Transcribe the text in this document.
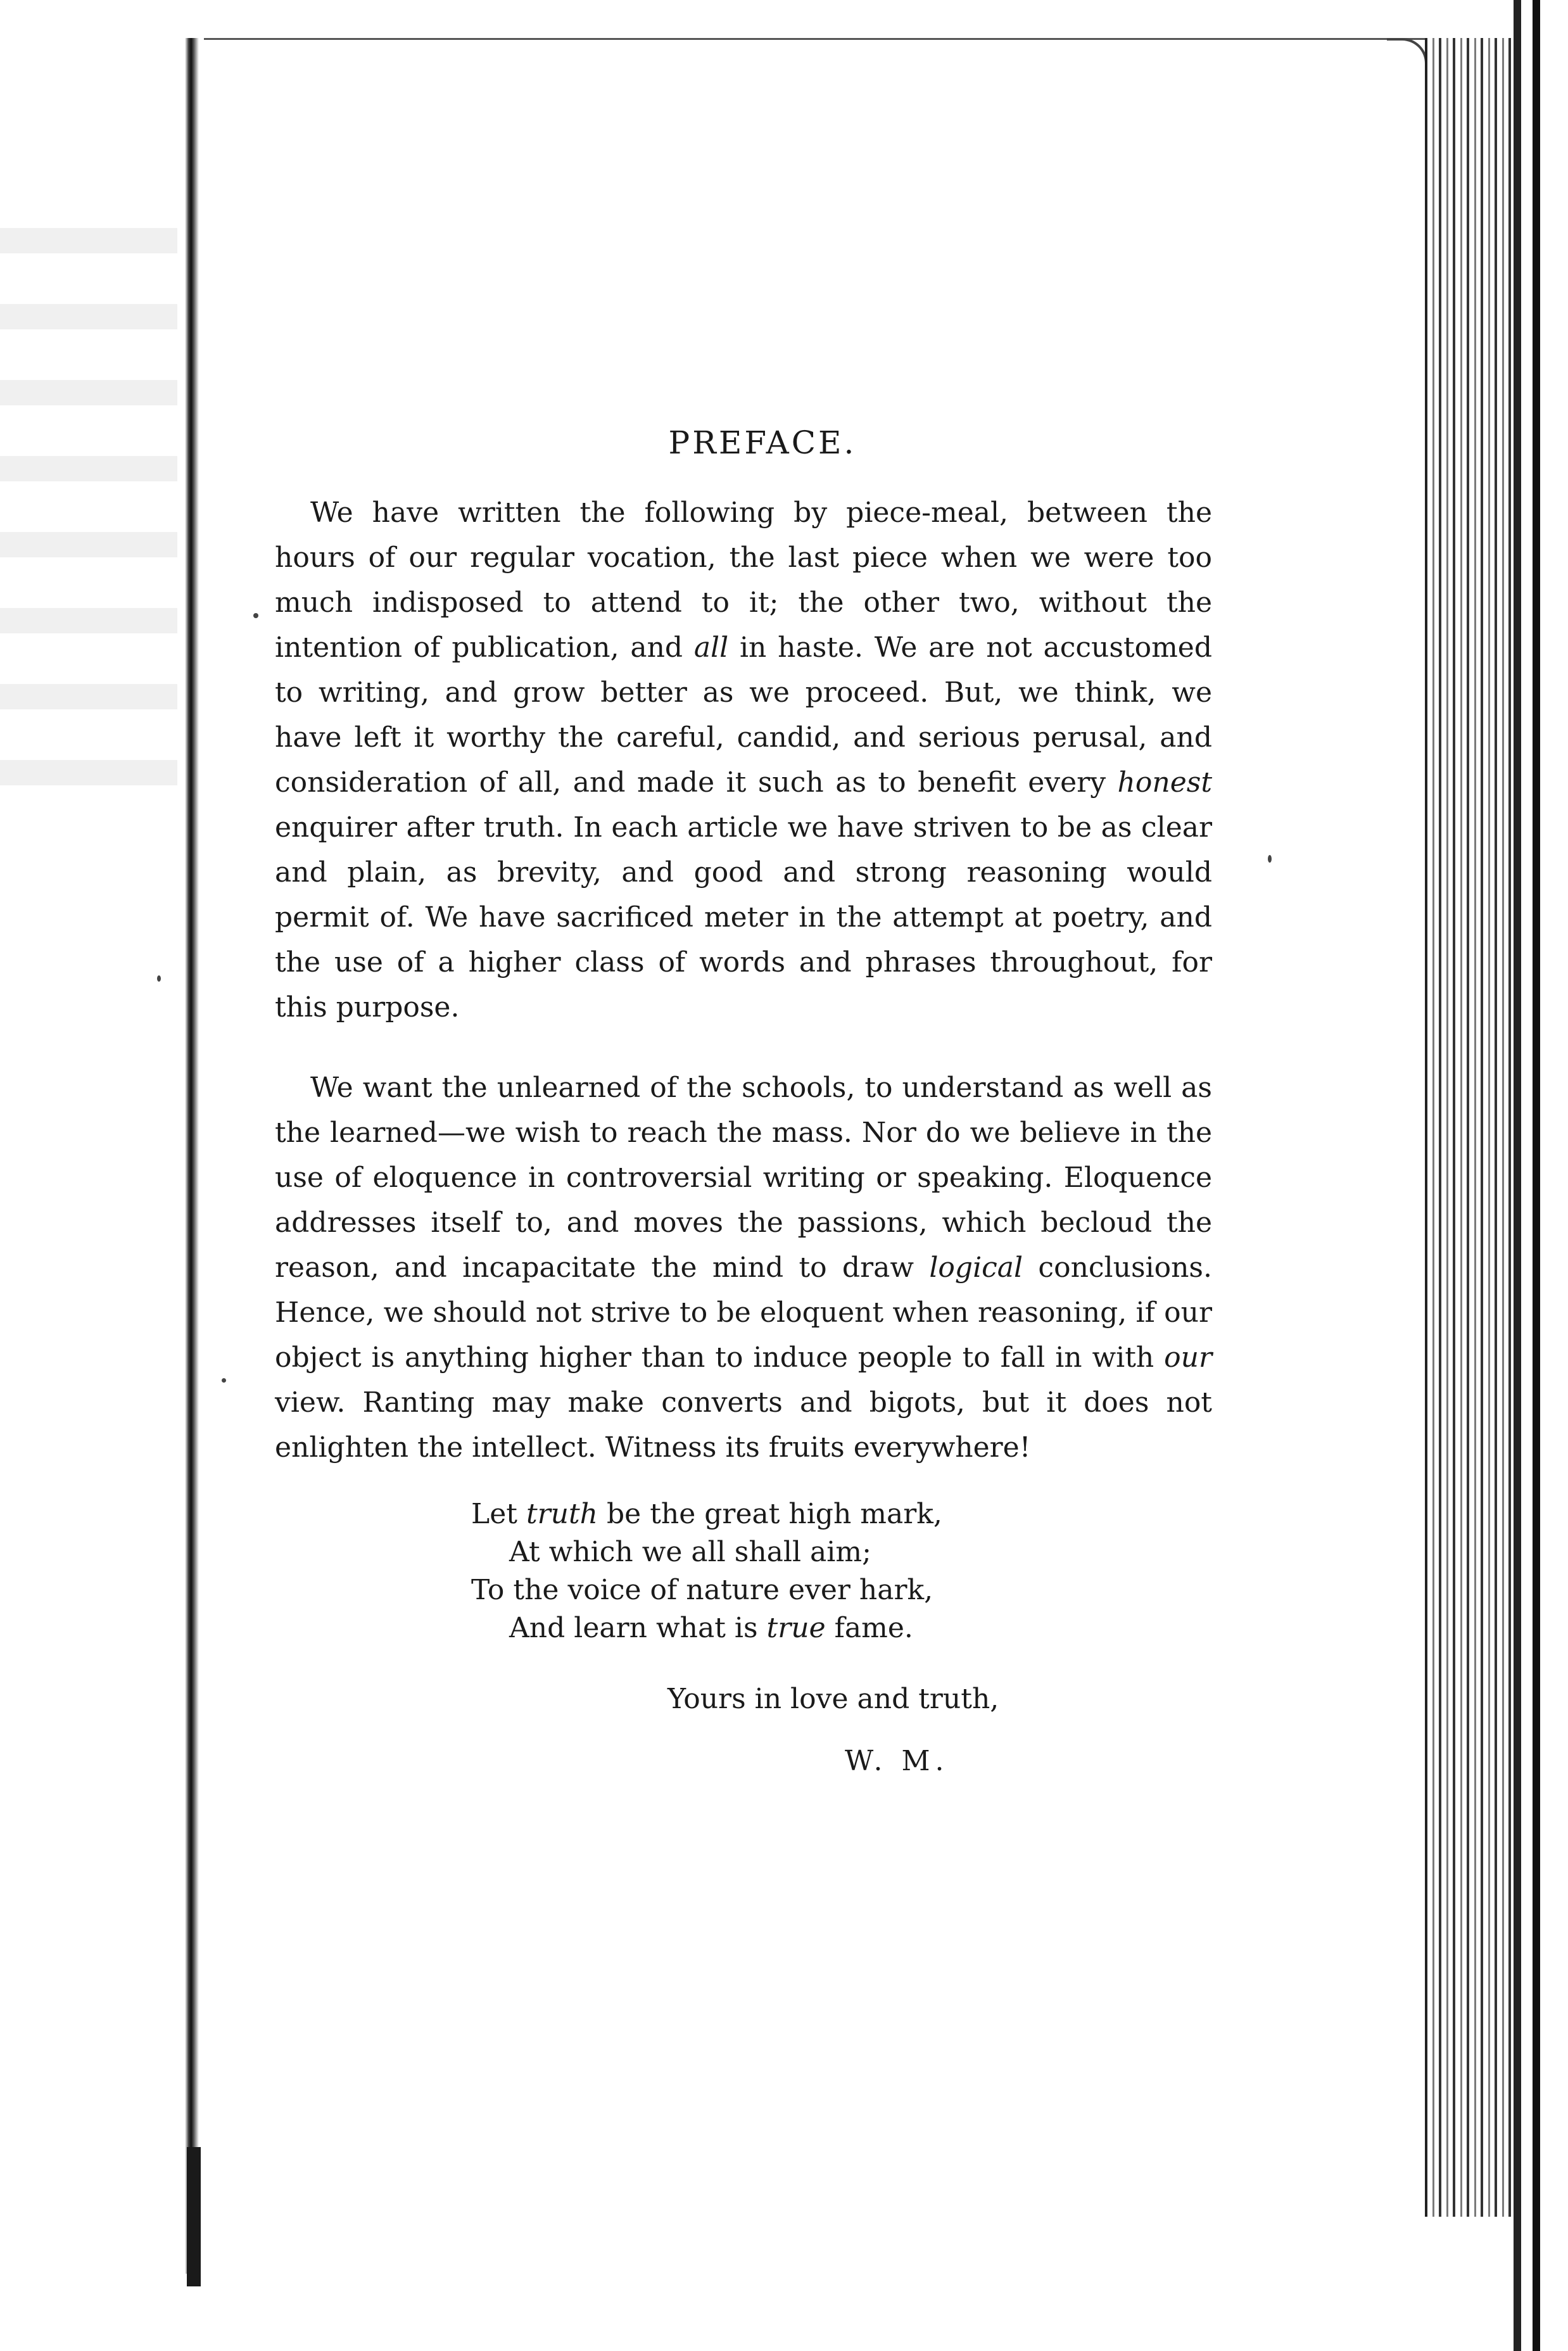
PREFACE.

We have written the following by piece-meal, between the hours of our regular vocation, the last piece when we were too much indisposed to attend to it; the other two, without the intention of publication, and all in haste. We are not accustomed to writing, and grow better as we proceed. But, we think, we have left it worthy the careful, candid, and serious perusal, and consideration of all, and made it such as to benefit every honest enquirer after truth. In each article we have striven to be as clear and plain, as brevity, and good and strong reasoning would permit of. We have sacrificed meter in the attempt at poetry, and the use of a higher class of words and phrases throughout, for this purpose.

We want the unlearned of the schools, to understand as well as the learned—we wish to reach the mass. Nor do we believe in the use of eloquence in controversial writing or speaking. Eloquence addresses itself to, and moves the passions, which becloud the reason, and incapacitate the mind to draw logical conclusions. Hence, we should not strive to be eloquent when reasoning, if our object is anything higher than to induce people to fall in with our view. Ranting may make converts and bigots, but it does not enlighten the intellect. Witness its fruits everywhere!

Let truth be the great high mark,
At which we all shall aim;
To the voice of nature ever hark,
And learn what is true fame.
Yours in love and truth,
W. M.
